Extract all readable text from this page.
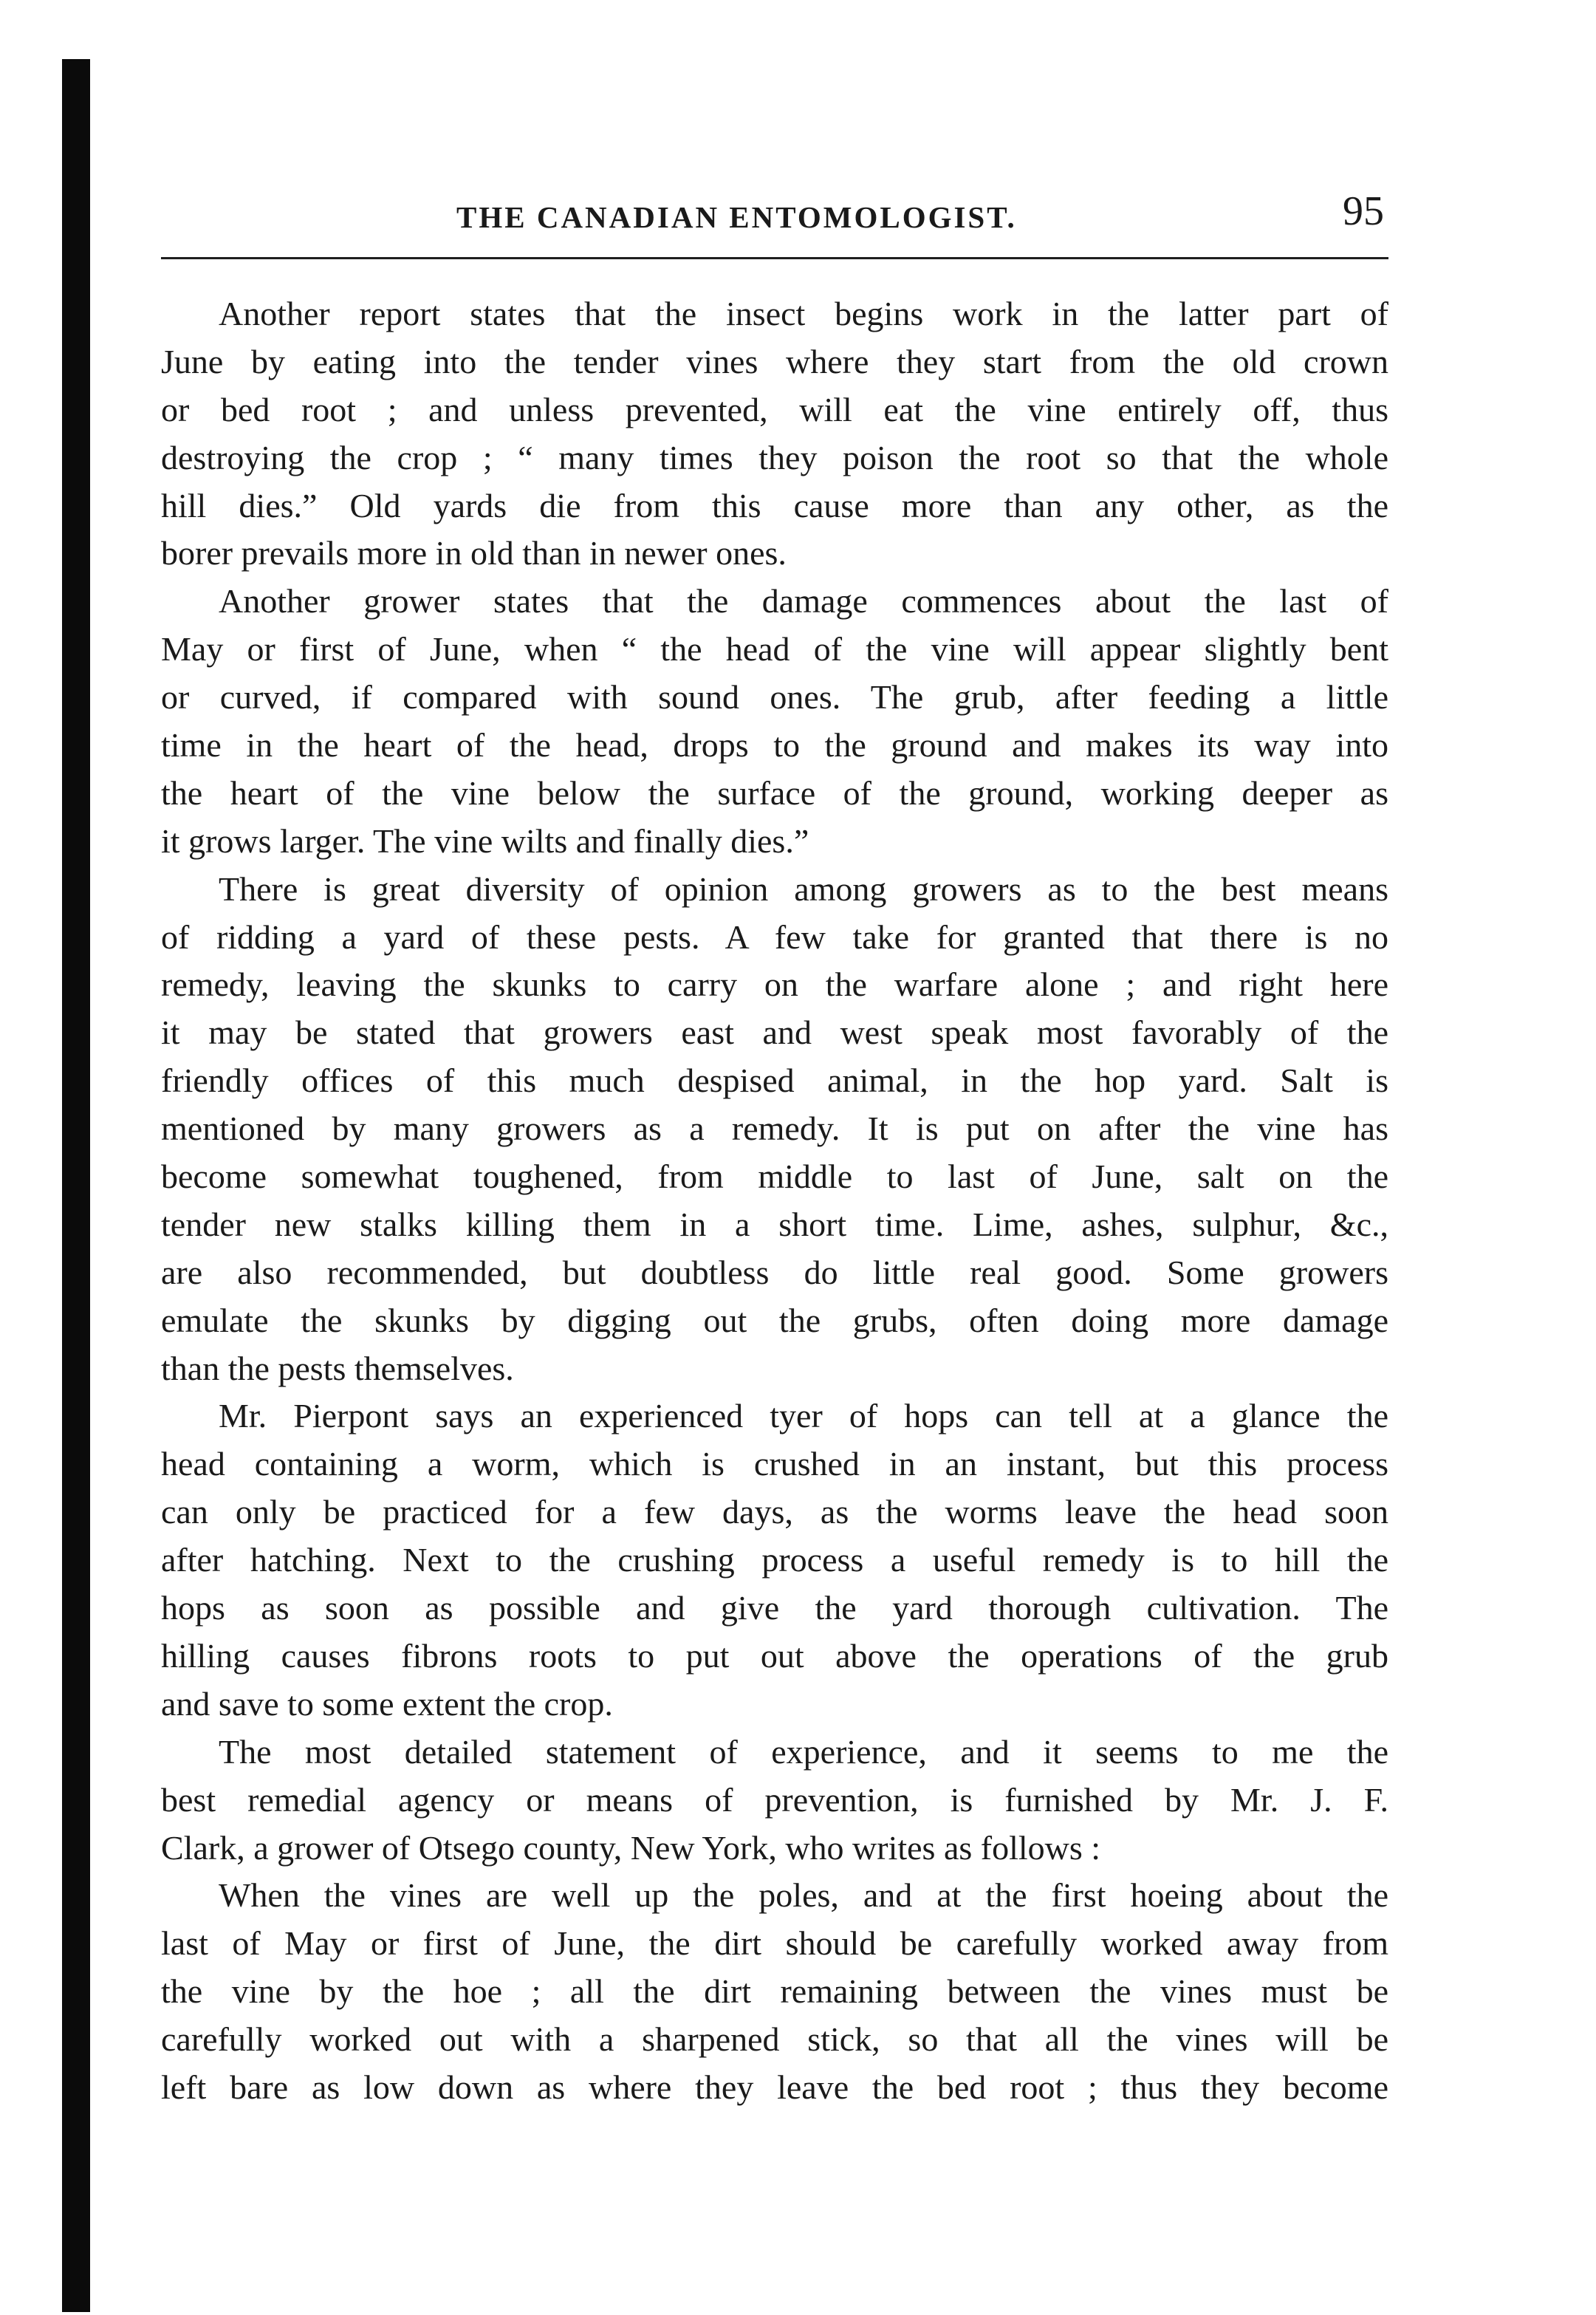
THE CANADIAN ENTOMOLOGIST.	95
Another report states that the insect begins work in the latter part of
June by eating into the tender vines where they start from the old crown
or bed root ; and unless prevented, will eat the vine entirely off, thus
destroying the crop ; “ many times they poison the root so that the whole
hill dies.” Old yards die from this cause more than any other, as the
borer prevails more in old than in newer ones.
Another grower states that the damage commences about the last of
May or first of June, when “ the head of the vine will appear slightly bent
or curved, if compared with sound ones. The grub, after feeding a little
time in the heart of the head, drops to the ground and makes its way into
the heart of the vine below the surface of the ground, working deeper as
it grows larger. The vine wilts and finally dies.”
There is great diversity of opinion among growers as to the best means
of ridding a yard of these pests. A few take for granted that there is no
remedy, leaving the skunks to carry on the warfare alone ; and right here
it may be stated that growers east and west speak most favorably of the
friendly offices of this much despised animal, in the hop yard. Salt is
mentioned by many growers as a remedy. It is put on after the vine has
become somewhat toughened, from middle to last of June, salt on the
tender new stalks killing them in a short time. Lime, ashes, sulphur, &c.,
are also recommended, but doubtless do little real good. Some growers
emulate the skunks by digging out the grubs, often doing more damage
than the pests themselves.
Mr. Pierpont says an experienced tyer of hops can tell at a glance the
head containing a worm, which is crushed in an instant, but this process
can only be practiced for a few days, as the worms leave the head soon
after hatching. Next to the crushing process a useful remedy is to hill the
hops as soon as possible and give the yard thorough cultivation. The
hilling causes fibrons roots to put out above the operations of the grub
and save to some extent the crop.
The most detailed statement of experience, and it seems to me the
best remedial agency or means of prevention, is furnished by Mr. J. F.
Clark, a grower of Otsego county, New York, who writes as follows :
When the vines are well up the poles, and at the first hoeing about the
last of May or first of June, the dirt should be carefully worked away from
the vine by the hoe ; all the dirt remaining between the vines must be
carefully worked out with a sharpened stick, so that all the vines will be
left bare as low down as where they leave the bed root ; thus they become
